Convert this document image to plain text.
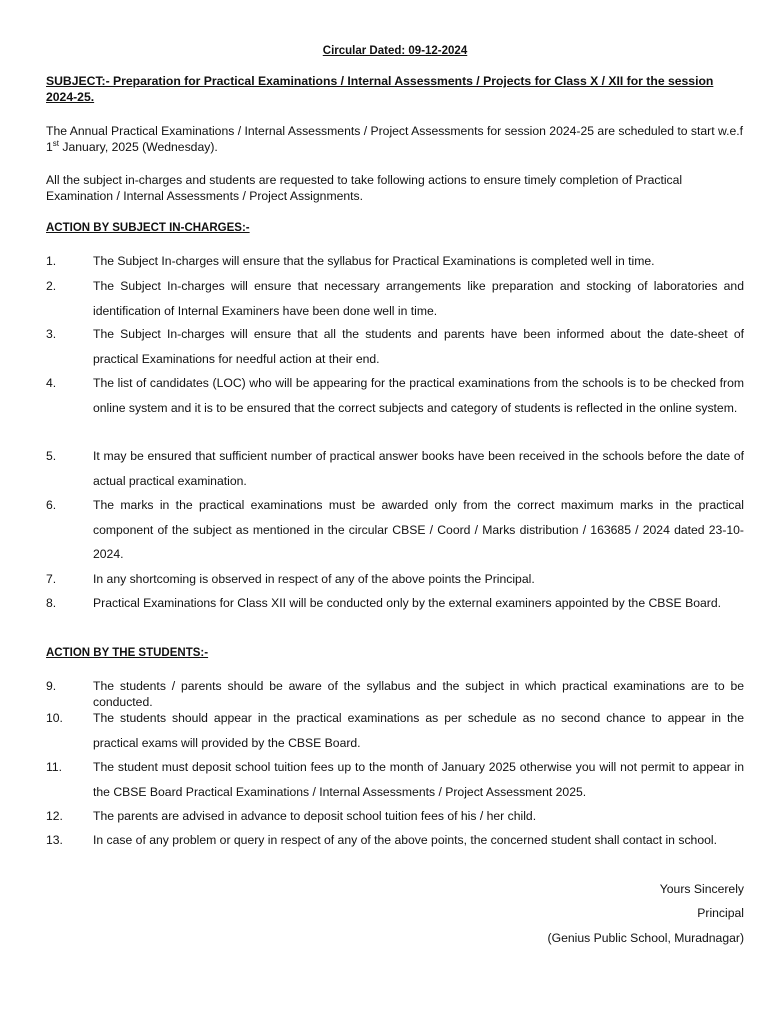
Circular Dated: 09-12-2024
SUBJECT:- Preparation for Practical Examinations / Internal Assessments / Projects for Class X / XII for the session 2024-25.
The Annual Practical Examinations / Internal Assessments / Project Assessments for session 2024-25 are scheduled to start w.e.f 1st January, 2025 (Wednesday).
All the subject in-charges and students are requested to take following actions to ensure timely completion of Practical Examination / Internal Assessments / Project Assignments.
ACTION BY SUBJECT IN-CHARGES:-
1.	The Subject In-charges will ensure that the syllabus for Practical Examinations is completed well in time.
2.	The Subject In-charges will ensure that necessary arrangements like preparation and stocking of laboratories and identification of Internal Examiners have been done well in time.
3.	The Subject In-charges will ensure that all the students and parents have been informed about the date-sheet of practical Examinations for needful action at their end.
4.	The list of candidates (LOC) who will be appearing for the practical examinations from the schools is to be checked from online system and it is to be ensured that the correct subjects and category of students is reflected in the online system.
5.	It may be ensured that sufficient number of practical answer books have been received in the schools before the date of actual practical examination.
6.	The marks in the practical examinations must be awarded only from the correct maximum marks in the practical component of the subject as mentioned in the circular CBSE / Coord / Marks distribution / 163685 / 2024 dated 23-10-2024.
7.	In any shortcoming is observed in respect of any of the above points the Principal.
8.	Practical Examinations for Class XII will be conducted only by the external examiners appointed by the CBSE Board.
ACTION BY THE STUDENTS:-
9.	The students / parents should be aware of the syllabus and the subject in which practical examinations are to be conducted.
10.	The students should appear in the practical examinations as per schedule as no second chance to appear in the practical exams will provided by the CBSE Board.
11.	The student must deposit school tuition fees up to the month of January 2025 otherwise you will not permit to appear in the CBSE Board Practical Examinations / Internal Assessments / Project Assessment 2025.
12.	The parents are advised in advance to deposit school tuition fees of his / her child.
13.	In case of any problem or query in respect of any of the above points, the concerned student shall contact in school.
Yours Sincerely
Principal
(Genius Public School, Muradnagar)
